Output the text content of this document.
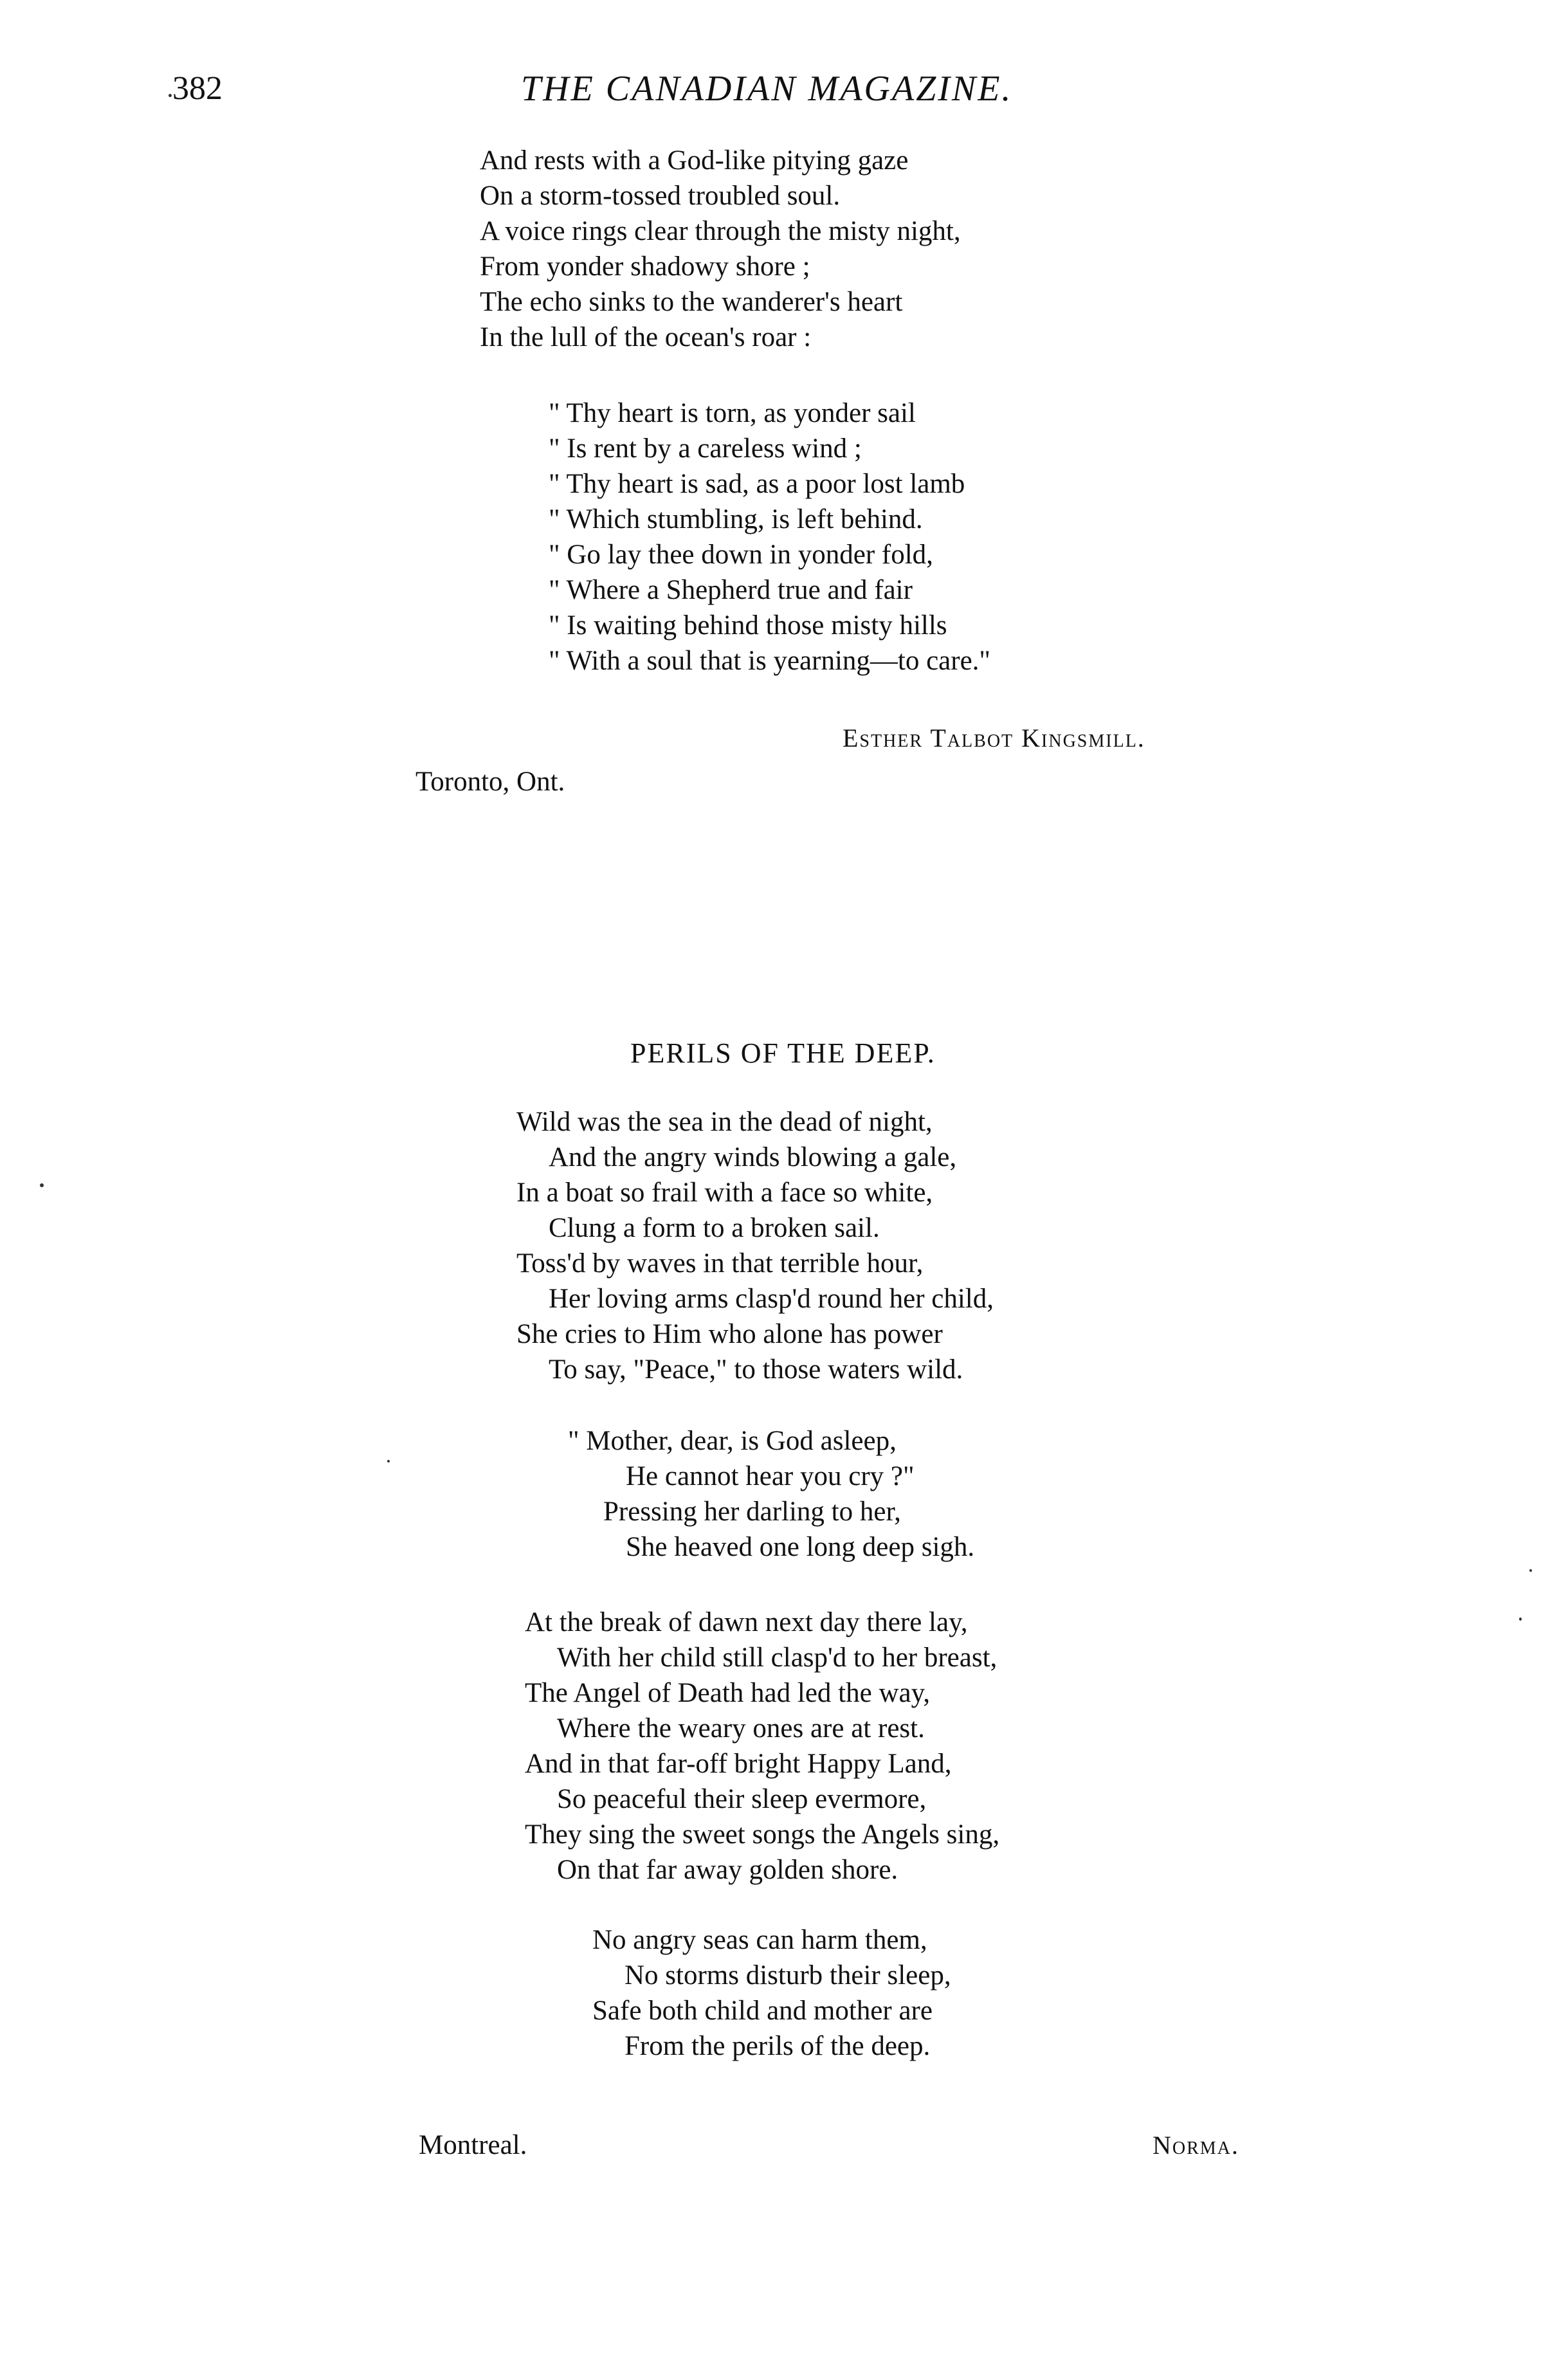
382	THE CANADIAN MAGAZINE.
And rests with a God-like pitying gaze
On a storm-tossed troubled soul.
A voice rings clear through the misty night,
From yonder shadowy shore ;
The echo sinks to the wanderer's heart
In the lull of the ocean's roar :
" Thy heart is torn, as yonder sail
" Is rent by a careless wind ;
" Thy heart is sad, as a poor lost lamb
" Which stumbling, is left behind.
" Go lay thee down in yonder fold,
" Where a Shepherd true and fair
" Is waiting behind those misty hills
" With a soul that is yearning—to care."
Esther Talbot Kingsmill.
Toronto, Ont.
PERILS OF THE DEEP.
Wild was the sea in the dead of night,
And the angry winds blowing a gale,
In a boat so frail with a face so white,
Clung a form to a broken sail.
Toss'd by waves in that terrible hour,
Her loving arms clasp'd round her child,
She cries to Him who alone has power
To say, "Peace," to those waters wild.
" Mother, dear, is God asleep,
He cannot hear you cry ?"
Pressing her darling to her,
She heaved one long deep sigh.
At the break of dawn next day there lay,
With her child still clasp'd to her breast,
The Angel of Death had led the way,
Where the weary ones are at rest.
And in that far-off bright Happy Land,
So peaceful their sleep evermore,
They sing the sweet songs the Angels sing,
On that far away golden shore.
No angry seas can harm them,
No storms disturb their sleep,
Safe both child and mother are
From the perils of the deep.
Montreal.	Norma.
